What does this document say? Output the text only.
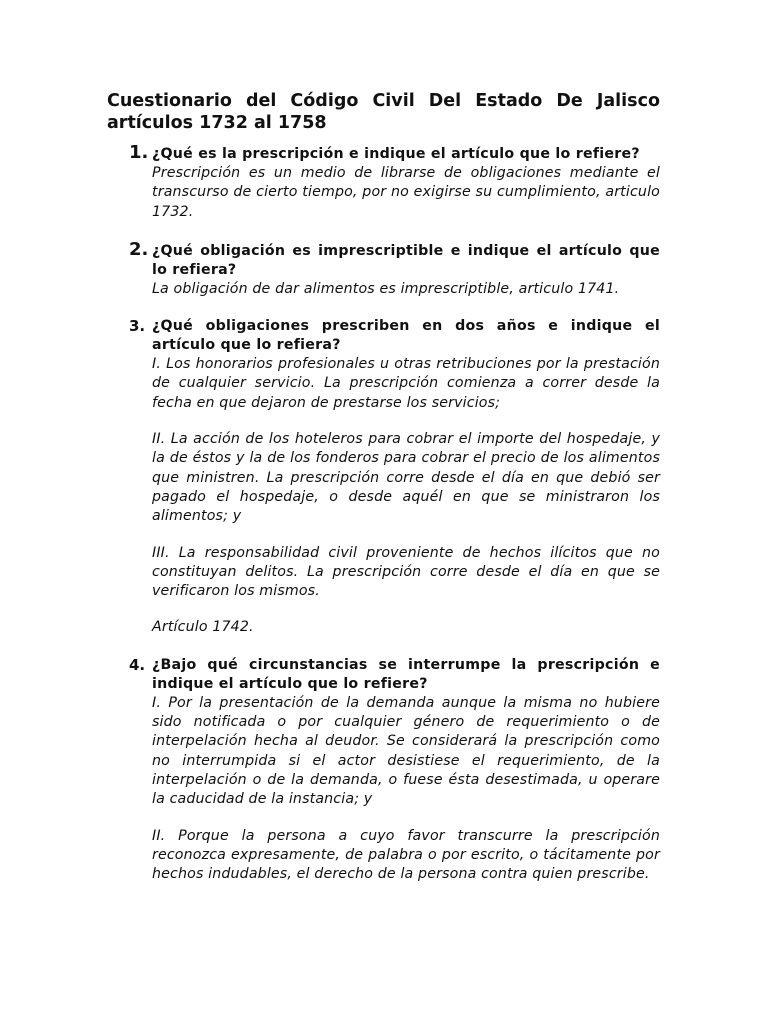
Cuestionario del Código Civil Del Estado De Jalisco
artículos 1732 al 1758
1. ¿Qué es la prescripción e indique el artículo que lo refiere?

Prescripción es un medio de librarse de obligaciones mediante el transcurso de cierto tiempo, por no exigirse su cumplimiento, articulo 1732.

2. ¿Qué obligación es imprescriptible e indique el artículo que lo refiera?

La obligación de dar alimentos es imprescriptible, articulo 1741.

3. ¿Qué obligaciones prescriben en dos años e indique el artículo que lo refiera?

I. Los honorarios profesionales u otras retribuciones por la prestación de cualquier servicio. La prescripción comienza a correr desde la fecha en que dejaron de prestarse los servicios;

II. La acción de los hoteleros para cobrar el importe del hospedaje, y la de éstos y la de los fonderos para cobrar el precio de los alimentos que ministren. La prescripción corre desde el día en que debió ser pagado el hospedaje, o desde aquél en que se ministraron los alimentos; y

III. La responsabilidad civil proveniente de hechos ilícitos que no constituyan delitos. La prescripción corre desde el día en que se verificaron los mismos.

Artículo 1742.

4. ¿Bajo qué circunstancias se interrumpe la prescripción e indique el artículo que lo refiere?

I. Por la presentación de la demanda aunque la misma no hubiere sido notificada o por cualquier género de requerimiento o de interpelación hecha al deudor. Se considerará la prescripción como no interrumpida si el actor desistiese el requerimiento, de la interpelación o de la demanda, o fuese ésta desestimada, u operare la caducidad de la instancia; y

II. Porque la persona a cuyo favor transcurre la prescripción reconozca expresamente, de palabra o por escrito, o tácitamente por hechos indudables, el derecho de la persona contra quien prescribe.
